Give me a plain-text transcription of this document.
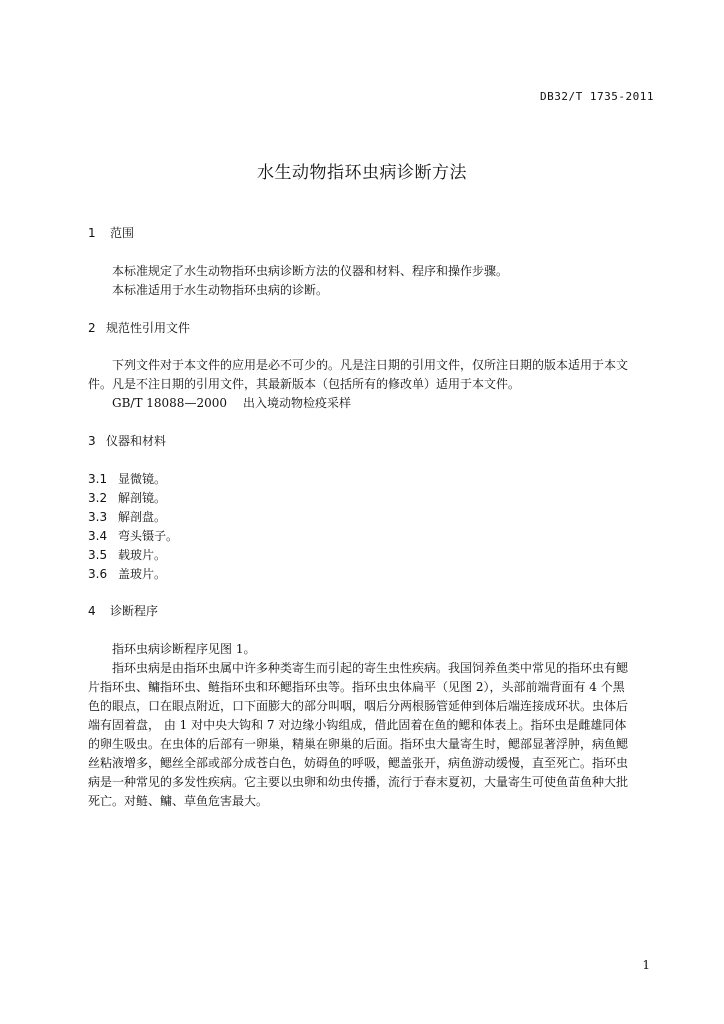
DB32/T 1735-2011
水生动物指环虫病诊断方法
1 范围
本标准规定了水生动物指环虫病诊断方法的仪器和材料、程序和操作步骤。
本标准适用于水生动物指环虫病的诊断。
2 规范性引用文件
下列文件对于本文件的应用是必不可少的。凡是注日期的引用文件，仅所注日期的版本适用于本文
件。凡是不注日期的引用文件，其最新版本（包括所有的修改单）适用于本文件。
GB/T 18088—2000 出入境动物检疫采样
3 仪器和材料
3.1 显微镜。
3.2 解剖镜。
3.3 解剖盘。
3.4 弯头镊子。
3.5 载玻片。
3.6 盖玻片。
4 诊断程序
指环虫病诊断程序见图 1。
指环虫病是由指环虫属中许多种类寄生而引起的寄生虫性疾病。我国饲养鱼类中常见的指环虫有鳃
片指环虫、鳙指环虫、鲢指环虫和环鳃指环虫等。指环虫虫体扁平（见图 2），头部前端背面有 4 个黑
色的眼点，口在眼点附近，口下面膨大的部分叫咽，咽后分两根肠管延伸到体后端连接成环状。虫体后
端有固着盘， 由 1 对中央大钩和 7 对边缘小钩组成，借此固着在鱼的鳃和体表上。指环虫是雌雄同体
的卵生吸虫。在虫体的后部有一卵巢，精巢在卵巢的后面。指环虫大量寄生时，鳃部显著浮肿，病鱼鳃
丝粘液增多，鳃丝全部或部分成苍白色，妨碍鱼的呼吸，鳃盖张开，病鱼游动缓慢，直至死亡。指环虫
病是一种常见的多发性疾病。它主要以虫卵和幼虫传播，流行于春末夏初，大量寄生可使鱼苗鱼种大批
死亡。对鲢、鳙、草鱼危害最大。
1
